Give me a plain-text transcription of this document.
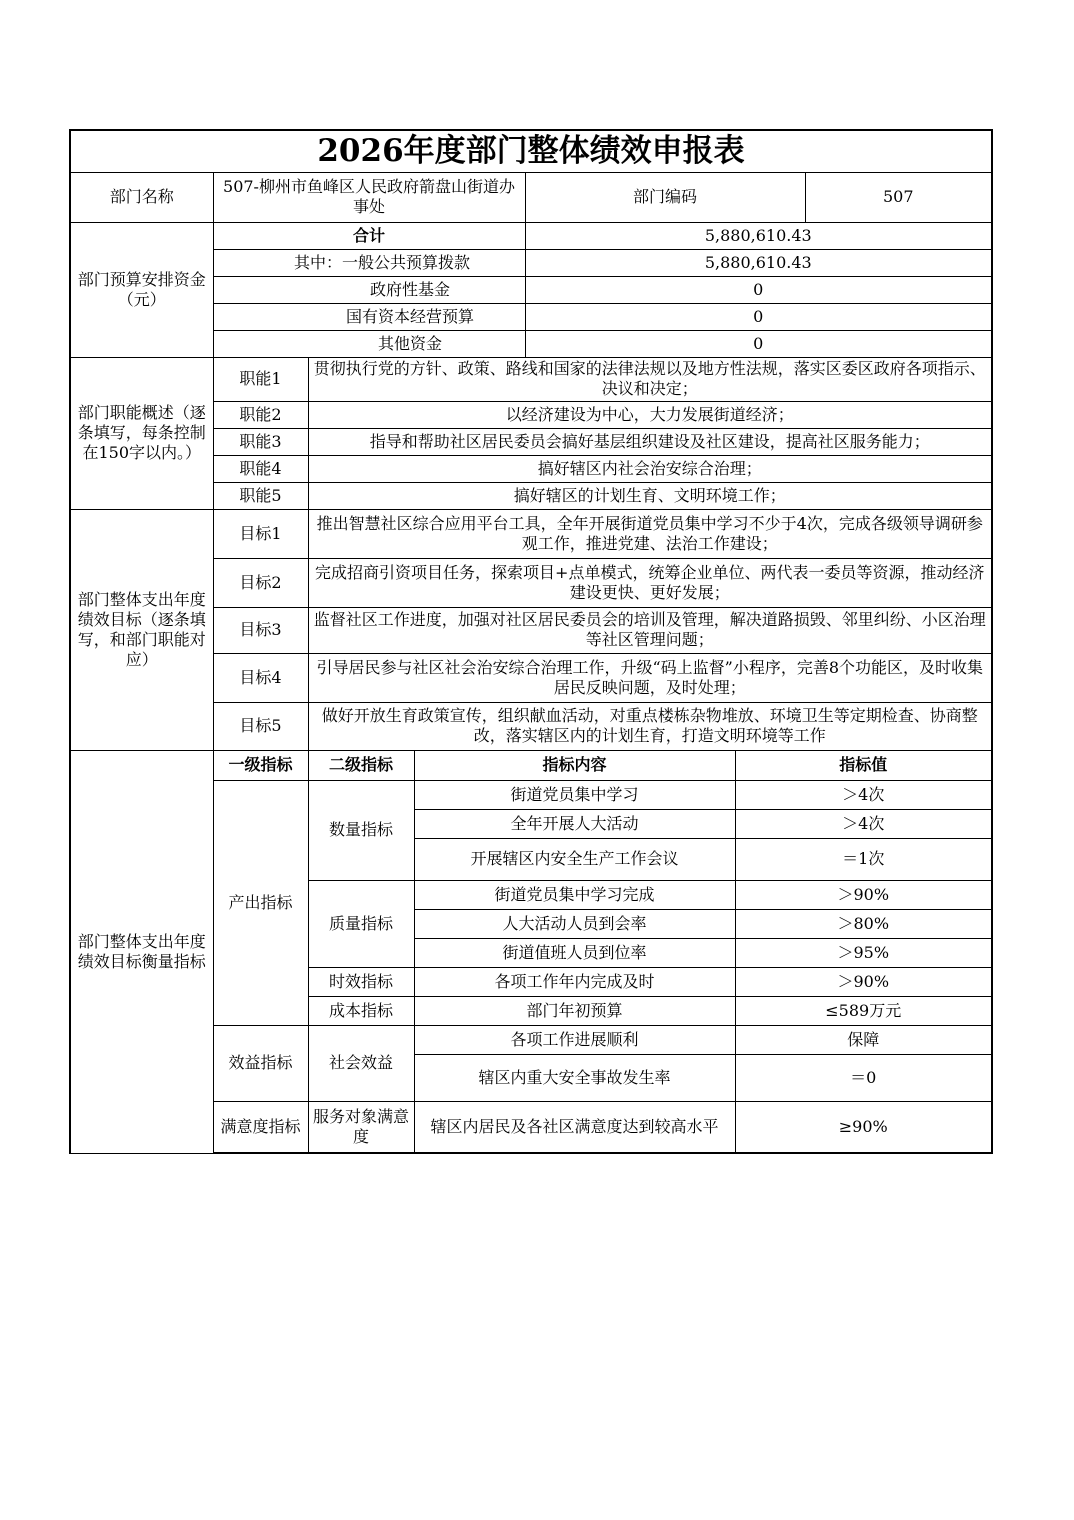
2026年度部门整体绩效申报表						
部门名称	507-柳州市鱼峰区人民政府箭盘山街道办事处			部门编码		507
部门预算安排资金（元）	合计			5,880,610.43		
	其中：一般公共预算拨款			5,880,610.43		
	政府性基金			0		
	国有资本经营预算			0		
	其他资金			0		
部门职能概述（逐条填写，每条控制在150字以内。）	职能1	贯彻执行党的方针、政策、路线和国家的法律法规以及地方性法规，落实区委区政府各项指示、决议和决定；				
	职能2	以经济建设为中心，大力发展街道经济；				
	职能3	指导和帮助社区居民委员会搞好基层组织建设及社区建设，提高社区服务能力；				
	职能4	搞好辖区内社会治安综合治理；				
	职能5	搞好辖区的计划生育、文明环境工作；				
部门整体支出年度绩效目标（逐条填写，和部门职能对应）	目标1	推出智慧社区综合应用平台工具，全年开展街道党员集中学习不少于4次，完成各级领导调研参观工作，推进党建、法治工作建设；				
	目标2	完成招商引资项目任务，探索项目+点单模式，统筹企业单位、两代表一委员等资源，推动经济建设更快、更好发展；				
	目标3	监督社区工作进度，加强对社区居民委员会的培训及管理，解决道路损毁、邻里纠纷、小区治理等社区管理问题；				
	目标4	引导居民参与社区社会治安综合治理工作，升级“码上监督”小程序，完善8个功能区，及时收集居民反映问题，及时处理；				
	目标5	做好开放生育政策宣传，组织献血活动，对重点楼栋杂物堆放、环境卫生等定期检查、协商整改，落实辖区内的计划生育，打造文明环境等工作				
部门整体支出年度绩效目标衡量指标	一级指标	二级指标	指标内容		指标值	
	产出指标	数量指标	街道党员集中学习		＞4次	
			全年开展人大活动		＞4次	
			开展辖区内安全生产工作会议		＝1次	
		质量指标	街道党员集中学习完成		＞90%	
			人大活动人员到会率		＞80%	
			街道值班人员到位率		＞95%	
		时效指标	各项工作年内完成及时		＞90%	
		成本指标	部门年初预算		≤589万元	
	效益指标	社会效益	各项工作进展顺利		保障	
			辖区内重大安全事故发生率		＝0	
	满意度指标	服务对象满意度	辖区内居民及各社区满意度达到较高水平		≥90%	
